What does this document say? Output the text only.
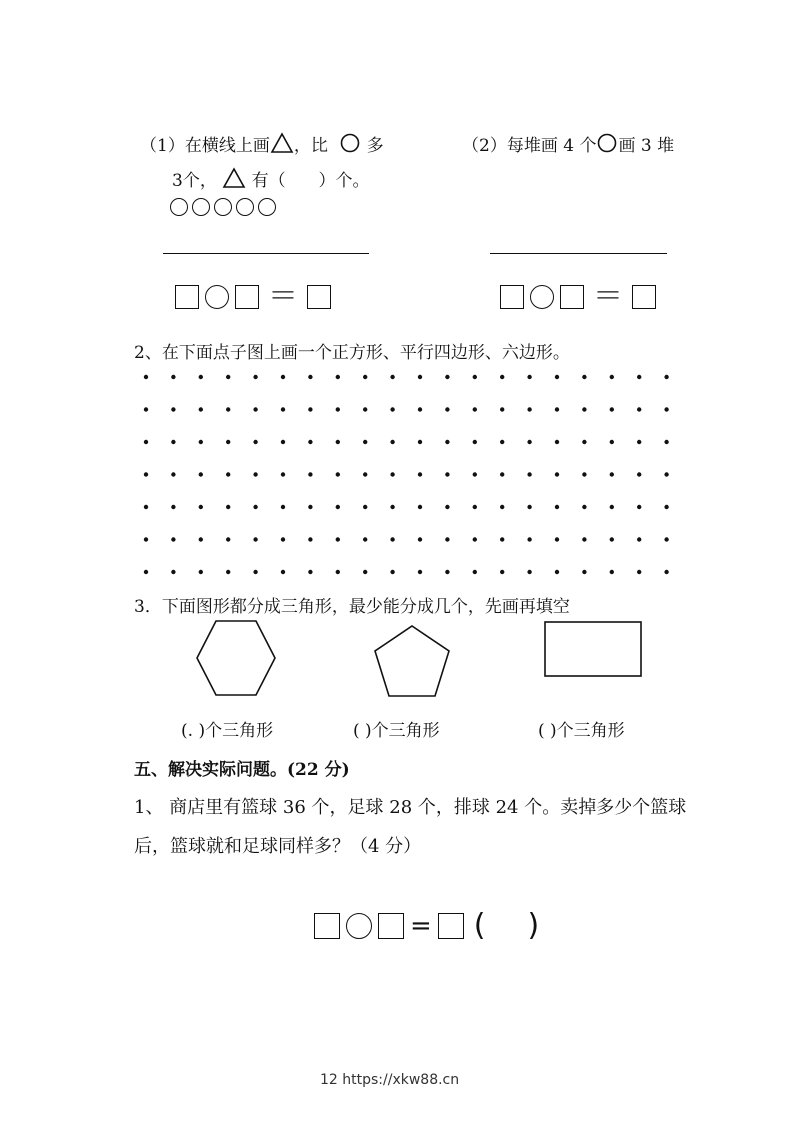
（1）在横线上画 ，比 多
3个， 有（ ）个。
（2）每堆画 4 个 画 3 堆
＝	＝
2、在下面点子图上画一个正方形、平行四边形、六边形。
3．下面图形都分成三角形，最少能分成几个，先画再填空
(. )个三角形	( )个三角形	( )个三角形
五、解决实际问题。(22 分)
1、 商店里有篮球 36 个，足球 28 个，排球 24 个。卖掉多少个篮球
后，篮球就和足球同样多？（4 分）
= ( )
12 https://xkw88.cn
